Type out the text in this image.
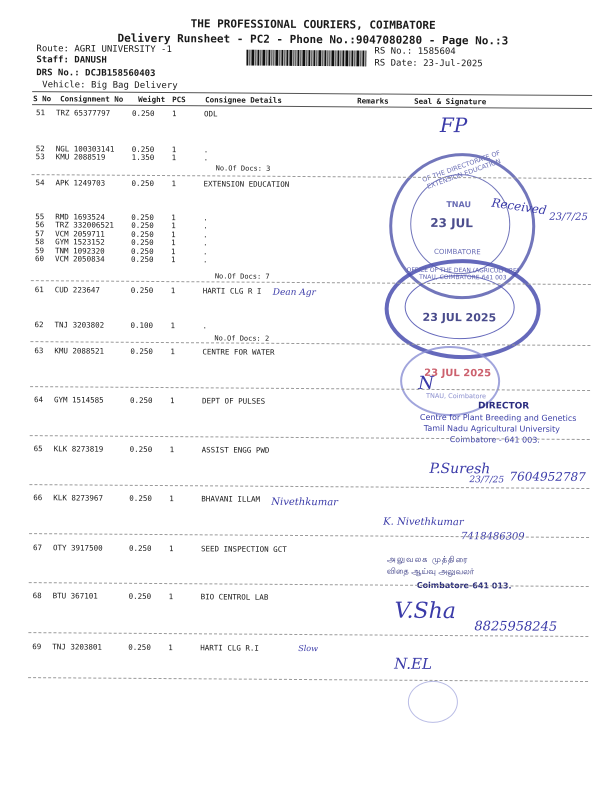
THE PROFESSIONAL COURIERS, COIMBATORE
Delivery Runsheet - PC2 - Phone No.:9047080280 - Page No.:3
Route: AGRI UNIVERSITY -1
Staff: DANUSH
DRS No.: DCJB158560403
Vehicle: Big Bag Delivery
RS No.: 1585604
RS Date: 23-Jul-2025
S No Consignment No Weight PCS	Consignee Details	Remarks	Seal & Signature
No.Of Docs: 3
No.Of Docs: 7
No.Of Docs: 2
OF THE DIRECTORATE OF EXTENSION EDUCATION
TNAU
23 JUL
COIMBATORE
OFFICE OF THE DEAN (AGRICULTURE) TNAU, COIMBATORE-641 003
23 JUL 2025
23 JUL 2025
TNAU, Coimbatore
DIRECTOR
Centre for Plant Breeding and Genetics
Tamil Nadu Agricultural University
Coimbatore - 641 003.
அலுவலக முத்திரை
விதை ஆய்வு அலுவலர்
Coimbatore-641 013.
FP
Dean Agr
Received 23/7/25
N
P.Suresh
23/7/25 7604952787
Nivethkumar
K. Nivethkumar
7418486309
V.Sha
8825958245
Slow
N.EL
51 TRZ 65377797	0.250 1	ODL
52 NGL 100303141 0.250 1	.
53 KMU 2088519	1.350 1	.
54 APK 1249703	0.250 1	EXTENSION EDUCATION
55 RMD 1693524	0.250 1	.
56 TRZ 332006521 0.250 1	.
57 VCM 2059711	0.250 1	.
58 GYM 1523152	0.250 1	.
59 TNM 1092320	0.250 1	.
60 VCM 2050834	0.250 1	.
61 CUD 223647	0.250 1	HARTI CLG R I
62 TNJ 3203802	0.100 1	.
63 KMU 2088521	0.250 1	CENTRE FOR WATER
64 GYM 1514585	0.250 1	DEPT OF PULSES
65 KLK 8273819	0.250 1	ASSIST ENGG PWD
66 KLK 8273967	0.250 1	BHAVANI ILLAM
67 OTY 3917500	0.250 1	SEED INSPECTION GCT
68 BTU 367101	0.250 1	BIO CENTROL LAB
69 TNJ 3203801	0.250 1	HARTI CLG R.I
